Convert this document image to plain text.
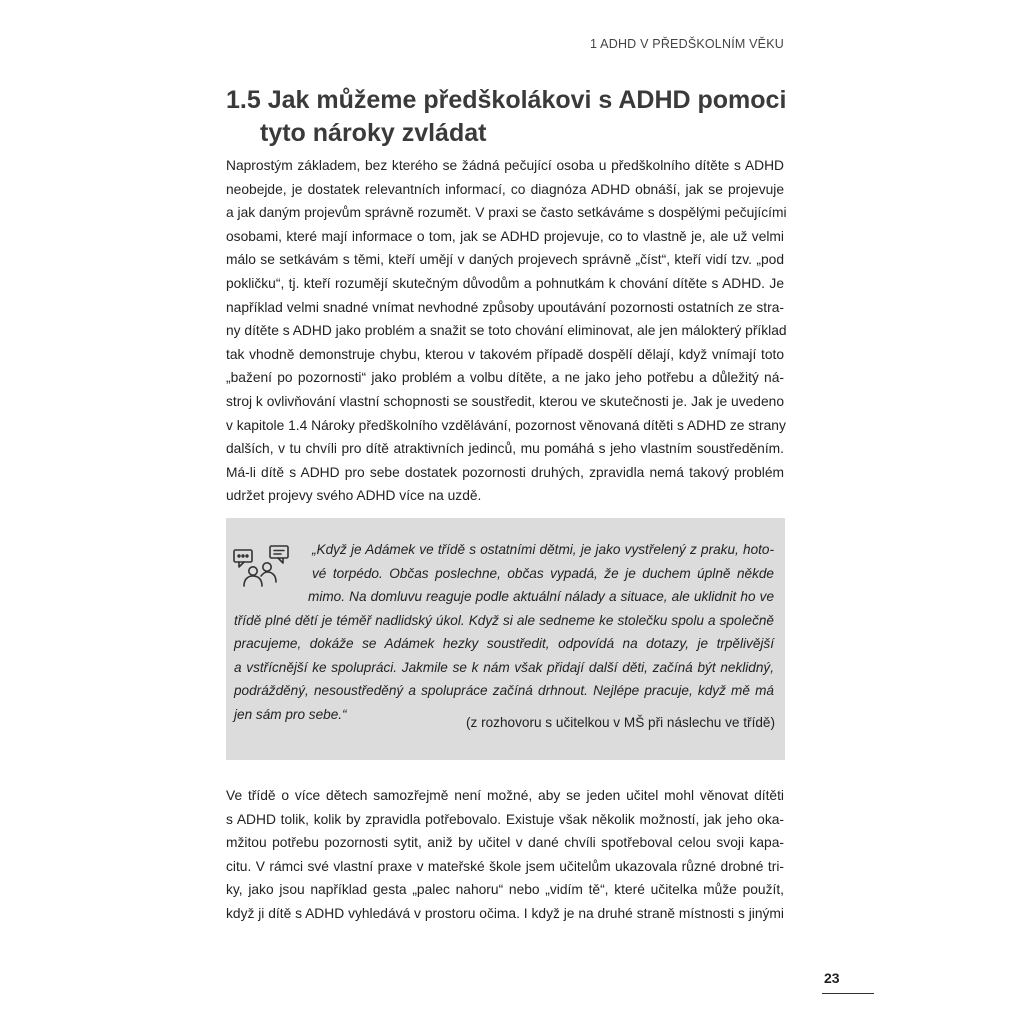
1 ADHD V PŘEDŠKOLNÍM VĚKU
1.5 Jak můžeme předškolákovi s ADHD pomoci
tyto nároky zvládat
Naprostým základem, bez kterého se žádná pečující osoba u předškolního dítěte s ADHD
neobejde, je dostatek relevantních informací, co diagnóza ADHD obnáší, jak se projevuje
a jak daným projevům správně rozumět. V praxi se často setkáváme s dospělými pečujícími
osobami, které mají informace o tom, jak se ADHD projevuje, co to vlastně je, ale už velmi
málo se setkávám s těmi, kteří umějí v daných projevech správně „číst“, kteří vidí tzv. „pod
pokličku“, tj. kteří rozumějí skutečným důvodům a pohnutkám k chování dítěte s ADHD. Je
například velmi snadné vnímat nevhodné způsoby upoutávání pozornosti ostatních ze stra-
ny dítěte s ADHD jako problém a snažit se toto chování eliminovat, ale jen málokterý příklad
tak vhodně demonstruje chybu, kterou v takovém případě dospělí dělají, když vnímají toto
„bažení po pozornosti“ jako problém a volbu dítěte, a ne jako jeho potřebu a důležitý ná-
stroj k ovlivňování vlastní schopnosti se soustředit, kterou ve skutečnosti je. Jak je uvedeno
v kapitole 1.4 Nároky předškolního vzdělávání, pozornost věnovaná dítěti s ADHD ze strany
dalších, v tu chvíli pro dítě atraktivních jedinců, mu pomáhá s jeho vlastním soustředěním.
Má-li dítě s ADHD pro sebe dostatek pozornosti druhých, zpravidla nemá takový problém
udržet projevy svého ADHD více na uzdě.
„Když je Adámek ve třídě s ostatními dětmi, je jako vystřelený z praku, hoto-
vé torpédo. Občas poslechne, občas vypadá, že je duchem úplně někde
mimo. Na domluvu reaguje podle aktuální nálady a situace, ale uklidnit ho ve
třídě plné dětí je téměř nadlidský úkol. Když si ale sedneme ke stolečku spolu a společně
pracujeme, dokáže se Adámek hezky soustředit, odpovídá na dotazy, je trpělivější
a vstřícnější ke spolupráci. Jakmile se k nám však přidají další děti, začíná být neklidný,
podrážděný, nesoustředěný a spolupráce začíná drhnout. Nejlépe pracuje, když mě má
jen sám pro sebe.“
(z rozhovoru s učitelkou v MŠ při náslechu ve třídě)
Ve třídě o více dětech samozřejmě není možné, aby se jeden učitel mohl věnovat dítěti
s ADHD tolik, kolik by zpravidla potřebovalo. Existuje však několik možností, jak jeho oka-
mžitou potřebu pozornosti sytit, aniž by učitel v dané chvíli spotřeboval celou svoji kapa-
citu. V rámci své vlastní praxe v mateřské škole jsem učitelům ukazovala různé drobné tri-
ky, jako jsou například gesta „palec nahoru“ nebo „vidím tě“, které učitelka může použít,
když ji dítě s ADHD vyhledává v prostoru očima. I když je na druhé straně místnosti s jinými
23
